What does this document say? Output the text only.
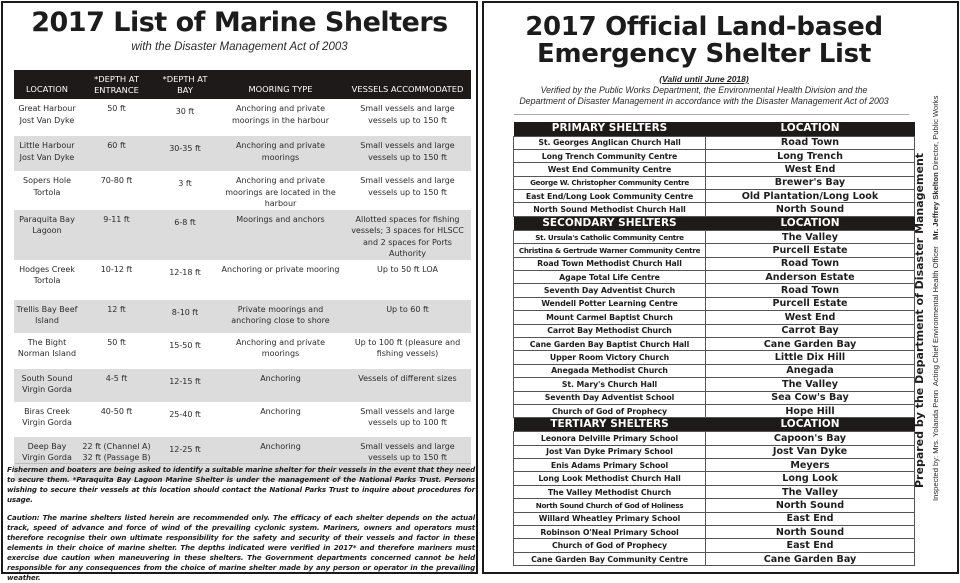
2017 List of Marine Shelters
with the Disaster Management Act of 2003
LOCATION	*DEPTH AT ENTRANCE	*DEPTH AT BAY	MOORING TYPE	VESSELS ACCOMMODATED
Great Harbour Jost Van Dyke	50 ft	30 ft	Anchoring and private moorings in the harbour	Small vessels and large vessels up to 150 ft
Little Harbour Jost Van Dyke	60 ft	30-35 ft	Anchoring and private moorings	Small vessels and large vessels up to 150 ft
Sopers Hole Tortola	70-80 ft	3 ft	Anchoring and private moorings are located in the harbour	Small vessels and large vessels up to 150 ft
Paraquita Bay Lagoon	9-11 ft	6-8 ft	Moorings and anchors	Allotted spaces for fishing vessels; 3 spaces for HLSCC and 2 spaces for Ports Authority
Hodges Creek Tortola	10-12 ft	12-18 ft	Anchoring or private mooring	Up to 50 ft LOA
Trellis Bay Beef Island	12 ft	8-10 ft	Private moorings and anchoring close to shore	Up to 60 ft
The Bight Norman Island	50 ft	15-50 ft	Anchoring and private moorings	Up to 100 ft (pleasure and fishing vessels)
South Sound Virgin Gorda	4-5 ft	12-15 ft	Anchoring	Vessels of different sizes
Biras Creek Virgin Gorda	40-50 ft	25-40 ft	Anchoring	Small vessels and large vessels up to 100 ft
Deep Bay Virgin Gorda	22 ft (Channel A) 32 ft (Passage B)	12-25 ft	Anchoring	Small vessels and large vessels up to 150 ft

Fishermen and boaters are being asked to identify a suitable marine shelter for their vessels in the event that they need to secure them. *Paraquita Bay Lagoon Marine Shelter is under the management of the National Parks Trust. Persons wishing to secure their vessels at this location should contact the National Parks Trust to inquire about procedures for usage.

Caution: The marine shelters listed herein are recommended only. The efficacy of each shelter depends on the actual track, speed of advance and force of wind of the prevailing cyclonic system. Mariners, owners and operators must therefore recognise their own ultimate responsibility for the safety and security of their vessels and factor in these elements in their choice of marine shelter. The depths indicated were verified in 2017* and therefore mariners must exercise due caution when maneuvering in these shelters. The Government departments concerned cannot be held responsible for any consequences from the choice of marine shelter made by any person or operator in the prevailing weather.

2017 Official Land-based
Emergency Shelter List
(Valid until June 2018)
Verified by the Public Works Department, the Environmental Health Division and the
Department of Disaster Management in accordance with the Disaster Management Act of 2003
PRIMARY SHELTERS	LOCATION
St. Georges Anglican Church Hall	Road Town
Long Trench Community Centre	Long Trench
West End Community Centre	West End
George W. Christopher Community Centre	Brewer's Bay
East End/Long Look Community Centre	Old Plantation/Long Look
North Sound Methodist Church Hall	North Sound
SECONDARY SHELTERS	LOCATION
St. Ursula's Catholic Community Centre	The Valley
Christina & Gertrude Warner Community Centre	Purcell Estate
Road Town Methodist Church Hall	Road Town
Agape Total Life Centre	Anderson Estate
Seventh Day Adventist Church	Road Town
Wendell Potter Learning Centre	Purcell Estate
Mount Carmel Baptist Church	West End
Carrot Bay Methodist Church	Carrot Bay
Cane Garden Bay Baptist Church Hall	Cane Garden Bay
Upper Room Victory Church	Little Dix Hill
Anegada Methodist Church	Anegada
St. Mary's Church Hall	The Valley
Seventh Day Adventist School	Sea Cow's Bay
Church of God of Prophecy	Hope Hill
TERTIARY SHELTERS	LOCATION
Leonora Delville Primary School	Capoon's Bay
Jost Van Dyke Primary School	Jost Van Dyke
Enis Adams Primary School	Meyers
Long Look Methodist Church Hall	Long Look
The Valley Methodist Church	The Valley
North Sound Church of God of Holiness	North Sound
Willard Wheatley Primary School	East End
Robinson O'Neal Primary School	North Sound
Church of God of Prophecy	East End
Cane Garden Bay Community Centre	Cane Garden Bay
Prepared by the Department of Disaster Management Inspected by: Mrs. Yolanda Penn  Acting Chief Environmental Health Officer   Mr. Jeffrey Skelton Director, Public Works
